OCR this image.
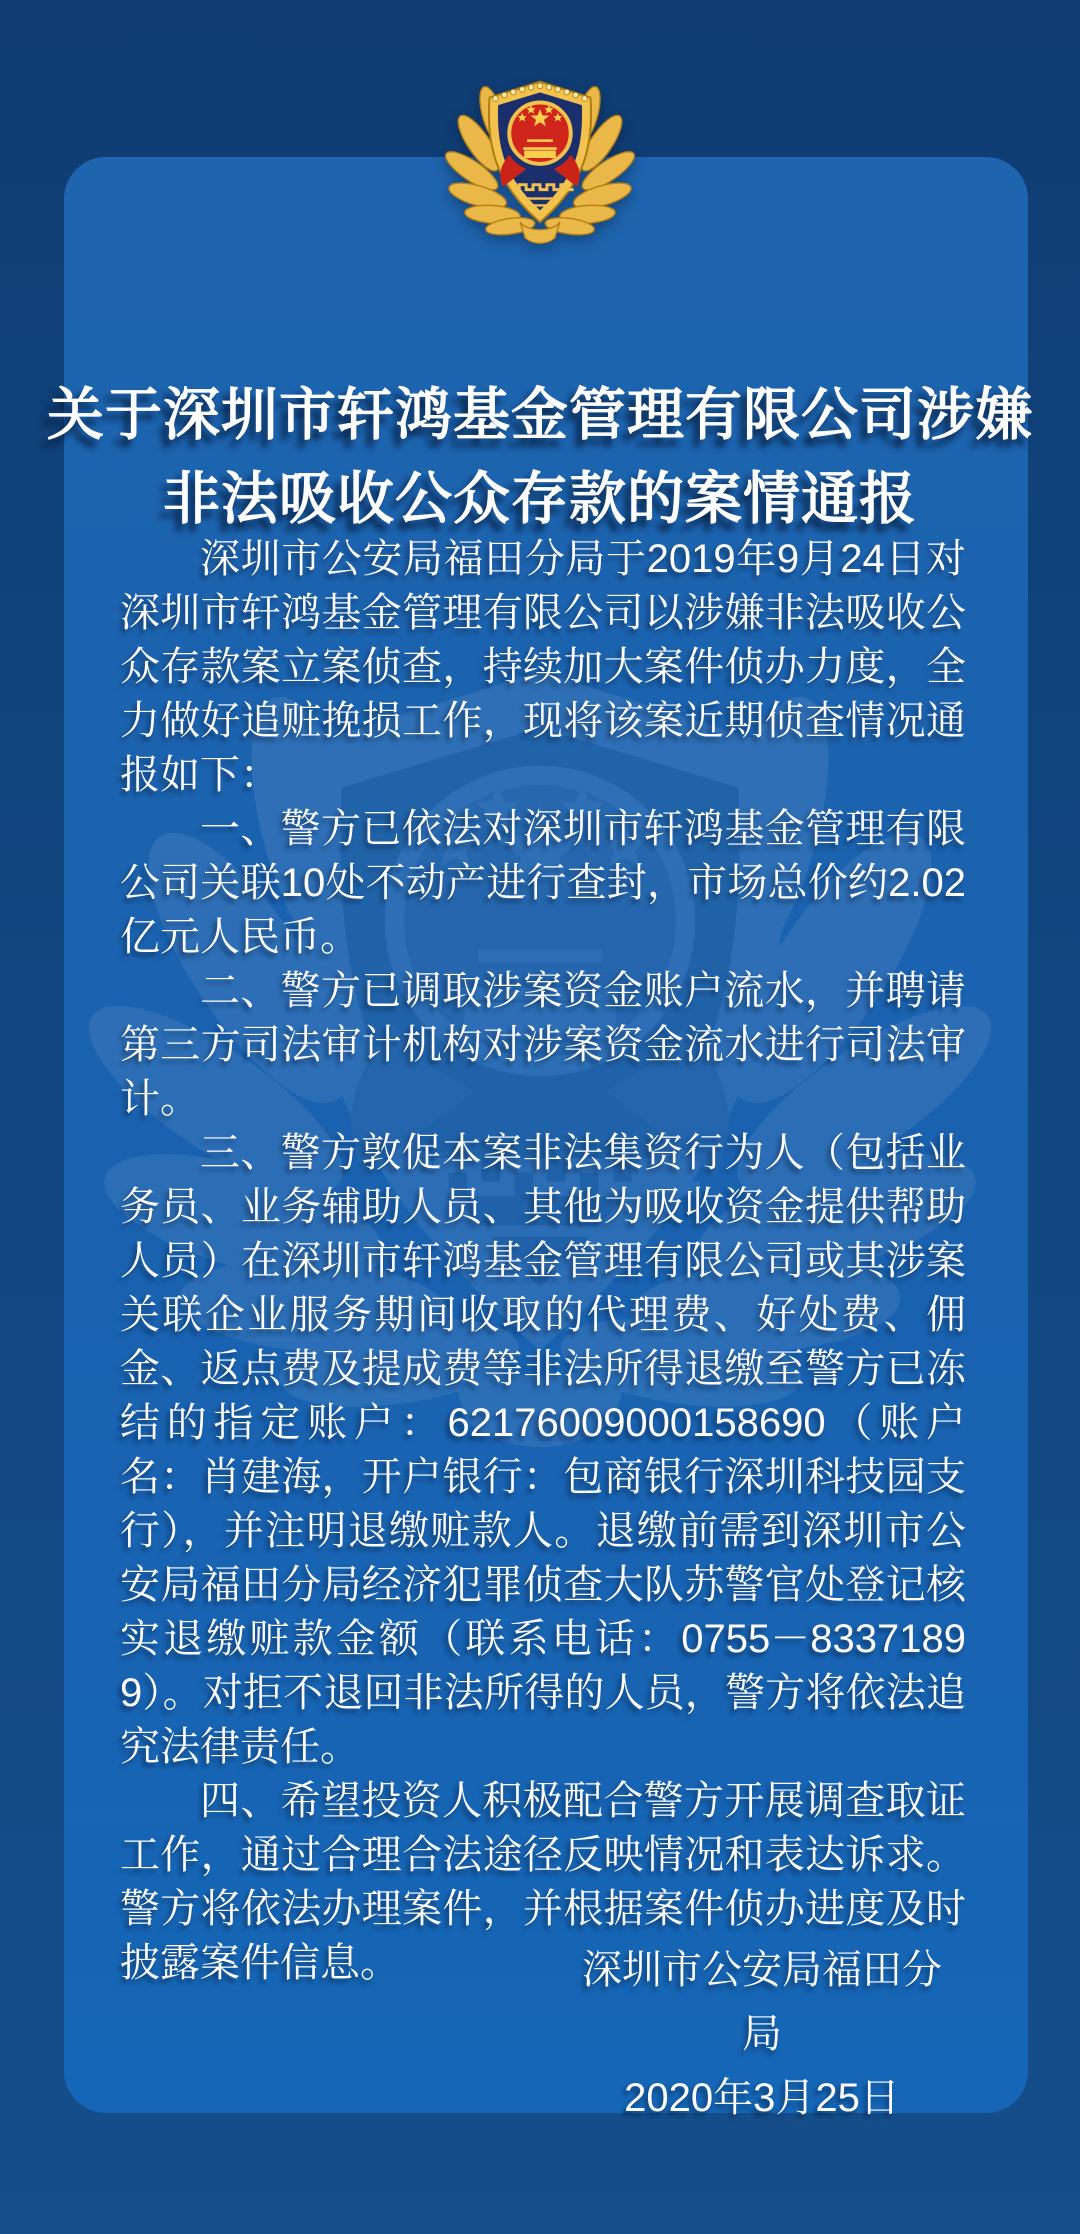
关于深圳市轩鸿基金管理有限公司涉嫌
非法吸收公众存款的案情通报

深圳市公安局福田分局于2019年9月24日对深圳市轩鸿基金管理有限公司以涉嫌非法吸收公众存款案立案侦查，持续加大案件侦办力度，全力做好追赃挽损工作，现将该案近期侦查情况通报如下：

一、警方已依法对深圳市轩鸿基金管理有限公司关联10处不动产进行查封，市场总价约2.02亿元人民币。

二、警方已调取涉案资金账户流水，并聘请第三方司法审计机构对涉案资金流水进行司法审计。

三、警方敦促本案非法集资行为人（包括业务员、业务辅助人员、其他为吸收资金提供帮助人员）在深圳市轩鸿基金管理有限公司或其涉案关联企业服务期间收取的代理费、好处费、佣金、返点费及提成费等非法所得退缴至警方已冻结的指定账户：62176009000158690（账户名：肖建海，开户银行：包商银行深圳科技园支行），并注明退缴赃款人。退缴前需到深圳市公安局福田分局经济犯罪侦查大队苏警官处登记核实退缴赃款金额（联系电话：0755－83371899）。对拒不退回非法所得的人员，警方将依法追究法律责任。

四、希望投资人积极配合警方开展调查取证工作，通过合理合法途径反映情况和表达诉求。警方将依法办理案件，并根据案件侦办进度及时披露案件信息。	深圳市公安局福田分局
2020年3月25日
